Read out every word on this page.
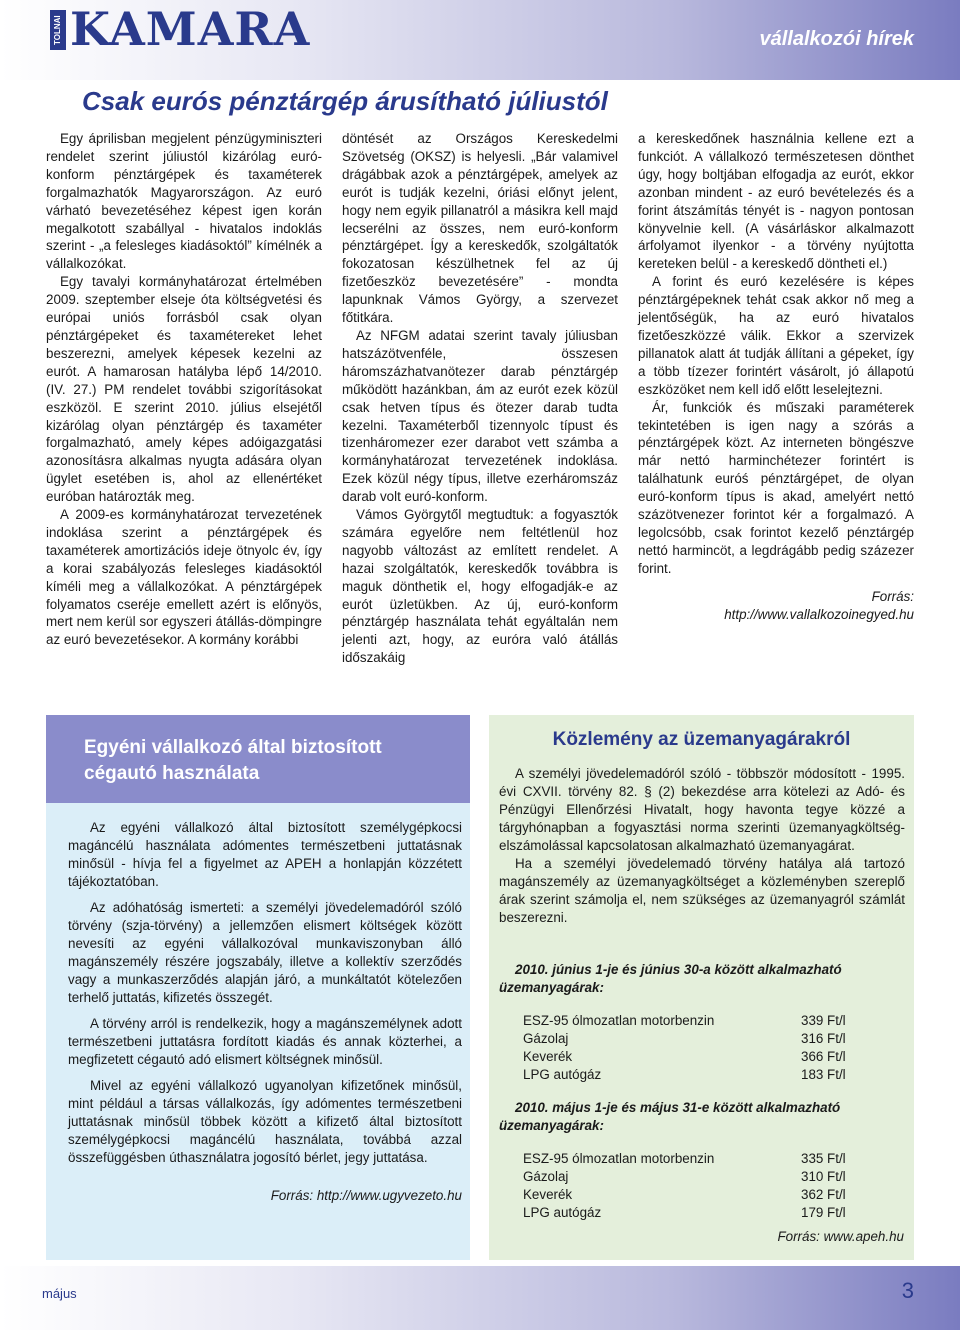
TOLNAI KAMARA	vállalkozói hírek
Csak eurós pénztárgép árusítható júliustól

Egy áprilisban megjelent pénzügyminiszteri rendelet szerint júliustól kizárólag euró-konform pénztárgépek és taxaméterek forgalmazhatók Magyarországon. Az euró várható bevezetéséhez képest igen korán megalkotott szabállyal - hivatalos indoklás szerint - „a felesleges kiadásoktól” kímélnék a vállalkozókat.

Egy tavalyi kormányhatározat értelmében 2009. szeptember elseje óta költségvetési és európai uniós forrásból csak olyan pénztárgépeket és taxamétereket lehet beszerezni, amelyek képesek kezelni az eurót. A hamarosan hatályba lépő 14/2010. (IV. 27.) PM rendelet további szigorításokat eszközöl. E szerint 2010. július elsejétől kizárólag olyan pénztárgép és taxaméter forgalmazható, amely képes adóigazgatási azonosításra alkalmas nyugta adására olyan ügylet esetében is, ahol az ellenértéket euróban határozták meg.

A 2009-es kormányhatározat tervezetének indoklása szerint a pénztárgépek és taxaméterek amortizációs ideje ötnyolc év, így a korai szabályozás felesleges kiadásoktól kíméli meg a vállalkozókat. A pénztárgépek folyamatos cseréje emellett azért is előnyös, mert nem kerül sor egyszeri átállás-dömpingre az euró bevezetésekor. A kormány korábbi

döntését az Országos Kereskedelmi Szövetség (OKSZ) is helyesli. „Bár valamivel drágábbak azok a pénztárgépek, amelyek az eurót is tudják kezelni, óriási előnyt jelent, hogy nem egyik pillanatról a másikra kell majd lecserélni az összes, nem euró-konform pénztárgépet. Így a kereskedők, szolgáltatók fokozatosan készülhetnek fel az új fizetőeszköz bevezetésére” - mondta lapunknak Vámos György, a szervezet főtitkára.

Az NFGM adatai szerint tavaly júliusban hatszázötvenféle, összesen háromszázhatvanötezer darab pénztárgép működött hazánkban, ám az eurót ezek közül csak hetven típus és ötezer darab tudta kezelni. Taxaméterből tizennyolc típust és tizenháromezer ezer darabot vett számba a kormányhatározat tervezetének indoklása. Ezek közül négy típus, illetve ezerháromszáz darab volt euró-konform.

Vámos Györgytől megtudtuk: a fogyasztók számára egyelőre nem feltétlenül hoz nagyobb változást az említett rendelet. A hazai szolgáltatók, kereskedők továbbra is maguk dönthetik el, hogy elfogadják-e az eurót üzletükben. Az új, euró-konform pénztárgép használata tehát egyáltalán nem jelenti azt, hogy, az euróra való átállás időszakáig

a kereskedőnek használnia kellene ezt a funkciót. A vállalkozó természetesen dönthet úgy, hogy boltjában elfogadja az eurót, ekkor azonban mindent - az euró bevételezés és a forint átszámítás tényét is - nagyon pontosan könyvelnie kell. (A vásárláskor alkalmazott árfolyamot ilyenkor - a törvény nyújtotta kereteken belül - a kereskedő döntheti el.)

A forint és euró kezelésére is képes pénztárgépeknek tehát csak akkor nő meg a jelentőségük, ha az euró hivatalos fizetőeszközzé válik. Ekkor a szervizek pillanatok alatt át tudják állítani a gépeket, így a több tízezer forintért vásárolt, jó állapotú eszközöket nem kell idő előtt leselejtezni.

Ár, funkciók és műszaki paraméterek tekintetében is igen nagy a szórás a pénztárgépek közt. Az interneten böngészve már nettó harminchétezer forintért is találhatunk euróś pénztárgépet, de olyan euró-konform típus is akad, amelyért nettó százötvenezer forintot kér a forgalmazó. A legolcsóbb, csak forintot kezelő pénztárgép nettó harmincöt, a legdrágább pedig százezer forint.

Forrás:

http://www.vallalkozoinegyed.hu

Egyéni vállalkozó által biztosított cégautó használata

Az egyéni vállalkozó által biztosított személygépkocsi magáncélú használata adómentes természetbeni juttatásnak minősül - hívja fel a figyelmet az APEH a honlapján közzétett tájékoztatóban.

Az adóhatóság ismerteti: a személyi jövedelemadóról szóló törvény (szja-törvény) a jellemzően elismert költségek között nevesíti az egyéni vállalkozóval munkaviszonyban álló magánszemély részére jogszabály, illetve a kollektív szerződés vagy a munkaszerződés alapján járó, a munkáltatót kötelezően terhelő juttatás, kifizetés összegét.

A törvény arról is rendelkezik, hogy a magánszemélynek adott természetbeni juttatásra fordított kiadás és annak közterhei, a megfizetett cégautó adó elismert költségnek minősül.

Mivel az egyéni vállalkozó ugyanolyan kifizetőnek minősül, mint például a társas vállalkozás, így adómentes természetbeni juttatásnak minősül többek között a kifizető által biztosított személygépkocsi magáncélú használata, továbbá azzal összefüggésben úthasználatra jogosító bérlet, jegy juttatása.

Forrás: http://www.ugyvezeto.hu

Közlemény az üzemanyagárakról

A személyi jövedelemadóról szóló - többször módosított - 1995. évi CXVII. törvény 82. § (2) bekezdése arra kötelezi az Adó- és Pénzügyi Ellenőrzési Hivatalt, hogy havonta tegye közzé a tárgyhónapban a fogyasztási norma szerinti üzemanyagköltség-elszámolással kapcsolatosan alkalmazható üzemanyagárat.

Ha a személyi jövedelemadó törvény hatálya alá tartozó magánszemély az üzemanyagköltséget a közleményben szereplő árak szerint számolja el, nem szükséges az üzemanyagról számlát beszerezni.

2010. június 1-je és június 30-a között alkalmazható üzemanyagárak:
ESZ-95 ólmozatlan motorbenzin	339 Ft/l
Gázolaj	316 Ft/l
Keverék	366 Ft/l
LPG autógáz	183 Ft/l
2010. május 1-je és május 31-e között alkalmazható üzemanyagárak:
ESZ-95 ólmozatlan motorbenzin	335 Ft/l
Gázolaj	310 Ft/l
Keverék	362 Ft/l
LPG autógáz	179 Ft/l
Forrás: www.apeh.hu
május	3
